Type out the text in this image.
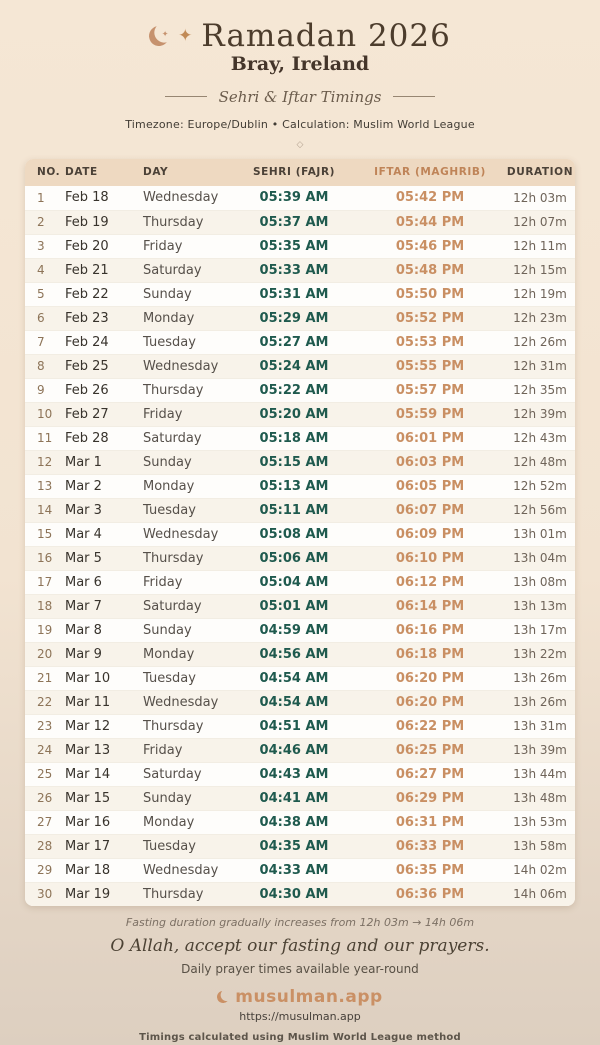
✦ ✦ Ramadan 2026
Bray, Ireland
Sehri & Iftar Timings
Timezone: Europe/Dublin • Calculation: Muslim World League
◇
NO. DATE	DAY	SEHRI (FAJR)	IFTAR (MAGHRIB)	DURATION
1	Feb 18	Wednesday	05:39 AM	05:42 PM	12h 03m
2	Feb 19	Thursday	05:37 AM	05:44 PM	12h 07m
3	Feb 20	Friday	05:35 AM	05:46 PM	12h 11m
4	Feb 21	Saturday	05:33 AM	05:48 PM	12h 15m
5	Feb 22	Sunday	05:31 AM	05:50 PM	12h 19m
6	Feb 23	Monday	05:29 AM	05:52 PM	12h 23m
7	Feb 24	Tuesday	05:27 AM	05:53 PM	12h 26m
8	Feb 25	Wednesday	05:24 AM	05:55 PM	12h 31m
9	Feb 26	Thursday	05:22 AM	05:57 PM	12h 35m
10 Feb 27	Friday	05:20 AM	05:59 PM	12h 39m
11 Feb 28	Saturday	05:18 AM	06:01 PM	12h 43m
12 Mar 1	Sunday	05:15 AM	06:03 PM	12h 48m
13 Mar 2	Monday	05:13 AM	06:05 PM	12h 52m
14 Mar 3	Tuesday	05:11 AM	06:07 PM	12h 56m
15 Mar 4	Wednesday	05:08 AM	06:09 PM	13h 01m
16 Mar 5	Thursday	05:06 AM	06:10 PM	13h 04m
17 Mar 6	Friday	05:04 AM	06:12 PM	13h 08m
18 Mar 7	Saturday	05:01 AM	06:14 PM	13h 13m
19 Mar 8	Sunday	04:59 AM	06:16 PM	13h 17m
20 Mar 9	Monday	04:56 AM	06:18 PM	13h 22m
21 Mar 10	Tuesday	04:54 AM	06:20 PM	13h 26m
22 Mar 11	Wednesday	04:54 AM	06:20 PM	13h 26m
23 Mar 12	Thursday	04:51 AM	06:22 PM	13h 31m
24 Mar 13	Friday	04:46 AM	06:25 PM	13h 39m
25 Mar 14	Saturday	04:43 AM	06:27 PM	13h 44m
26 Mar 15	Sunday	04:41 AM	06:29 PM	13h 48m
27 Mar 16	Monday	04:38 AM	06:31 PM	13h 53m
28 Mar 17	Tuesday	04:35 AM	06:33 PM	13h 58m
29 Mar 18	Wednesday	04:33 AM	06:35 PM	14h 02m
30 Mar 19	Thursday	04:30 AM	06:36 PM	14h 06m
Fasting duration gradually increases from 12h 03m → 14h 06m
O Allah, accept our fasting and our prayers.
Daily prayer times available year-round
musulman.app
https://musulman.app
Timings calculated using Muslim World League method
